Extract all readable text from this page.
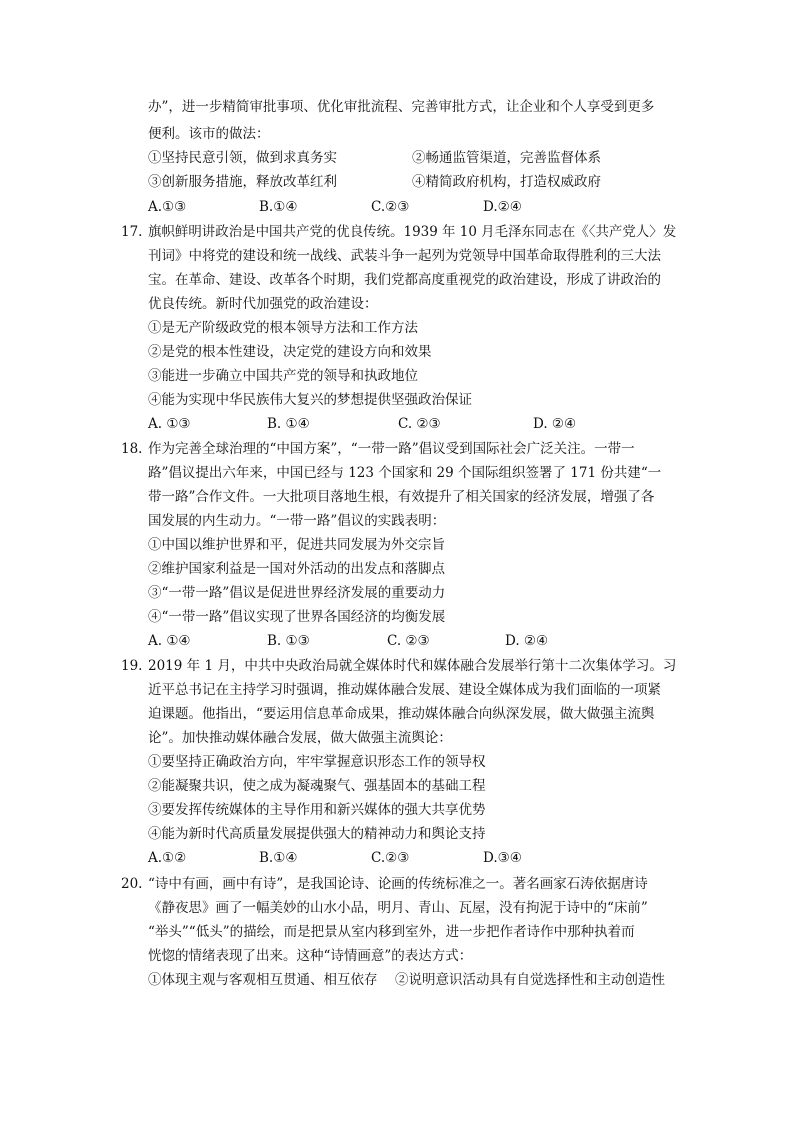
办”，进一步精简审批事项、优化审批流程、完善审批方式，让企业和个人享受到更多
便利。该市的做法：
①坚持民意引领，做到求真务实	②畅通监管渠道，完善监督体系
③创新服务措施，释放改革红利	④精简政府机构，打造权威政府
A.①③	B.①④	C.②③	D.②④
17. 旗帜鲜明讲政治是中国共产党的优良传统。1939 年 10 月毛泽东同志在《〈共产党人〉发
刊词》中将党的建设和统一战线、武装斗争一起列为党领导中国革命取得胜利的三大法
宝。在革命、建设、改革各个时期，我们党都高度重视党的政治建设，形成了讲政治的
优良传统。新时代加强党的政治建设：
①是无产阶级政党的根本领导方法和工作方法
②是党的根本性建设，决定党的建设方向和效果
③能进一步确立中国共产党的领导和执政地位
④能为实现中华民族伟大复兴的梦想提供坚强政治保证
A. ①③	B. ①④	C. ②③	D. ②④
18. 作为完善全球治理的“中国方案”，“一带一路”倡议受到国际社会广泛关注。一带一
路”倡议提出六年来，中国已经与 123 个国家和 29 个国际组织签署了 171 份共建“一
带一路”合作文件。一大批项目落地生根，有效提升了相关国家的经济发展，增强了各
国发展的内生动力。“一带一路”倡议的实践表明：
①中国以维护世界和平，促进共同发展为外交宗旨
②维护国家利益是一国对外活动的出发点和落脚点
③“一带一路”倡议是促进世界经济发展的重要动力
④“一带一路”倡议实现了世界各国经济的均衡发展
A. ①④	B. ①③	C. ②③	D. ②④
19. 2019 年 1 月，中共中央政治局就全媒体时代和媒体融合发展举行第十二次集体学习。习
近平总书记在主持学习时强调，推动媒体融合发展、建设全媒体成为我们面临的一项紧
迫课题。他指出，“要运用信息革命成果，推动媒体融合向纵深发展，做大做强主流舆
论”。加快推动媒体融合发展，做大做强主流舆论：
①要坚持正确政治方向，牢牢掌握意识形态工作的领导权
②能凝聚共识，使之成为凝魂聚气、强基固本的基础工程
③要发挥传统媒体的主导作用和新兴媒体的强大共享优势
④能为新时代高质量发展提供强大的精神动力和舆论支持
A.①②	B.①④	C.②③	D.③④
20. “诗中有画，画中有诗”，是我国论诗、论画的传统标准之一。著名画家石涛依据唐诗
《静夜思》画了一幅美妙的山水小品，明月、青山、瓦屋，没有拘泥于诗中的“床前”
“举头”“低头”的描绘，而是把景从室内移到室外，进一步把作者诗作中那种执着而
恍惚的情绪表现了出来。这种“诗情画意”的表达方式：
①体现主观与客观相互贯通、相互依存 ②说明意识活动具有自觉选择性和主动创造性
